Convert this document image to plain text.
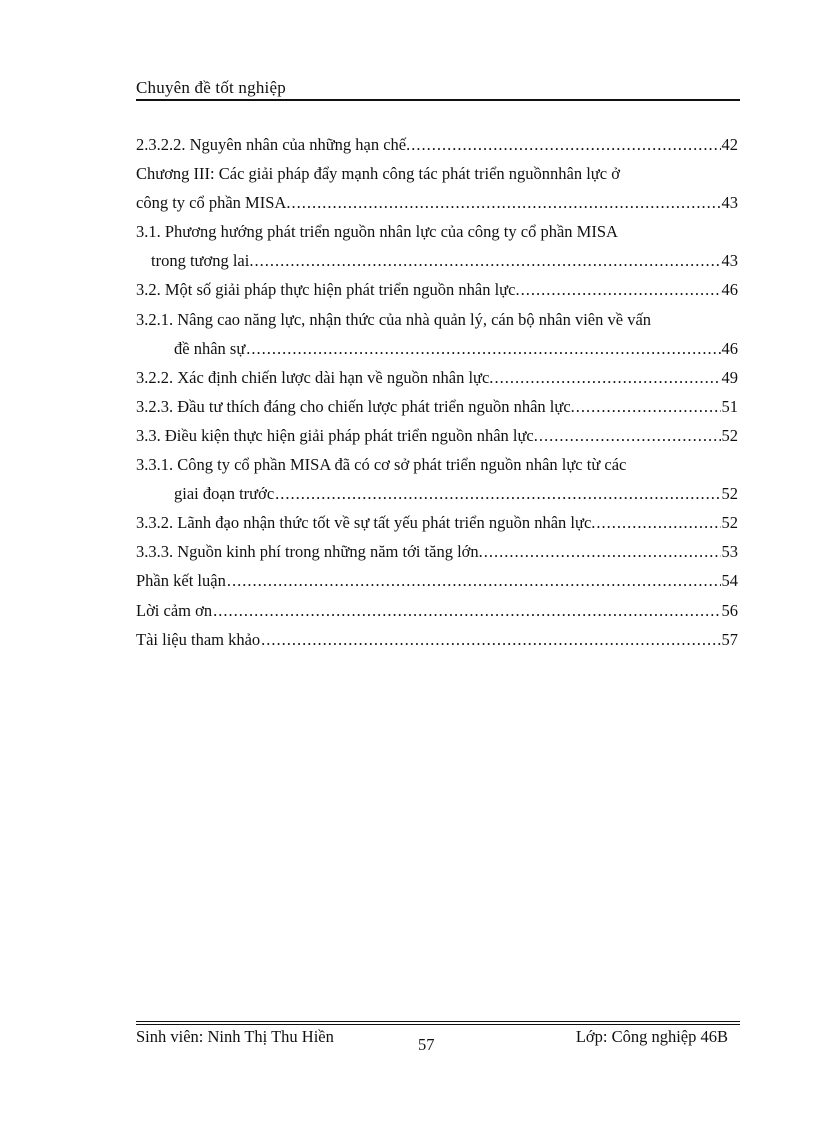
Chuyên đề tốt nghiệp
2.3.2.2. Nguyên nhân của những hạn chế. .....	42
Chương III: Các giải pháp đẩy mạnh công tác phát triển nguồnnhân lực ở
công ty cổ phần MISA. .....	43
3.1. Phương hướng phát triển nguồn nhân lực của công ty cổ phần MISA
trong tương lai. .....	43
3.2. Một số giải pháp thực hiện phát triển nguồn nhân lực. .....	46
3.2.1. Nâng cao năng lực, nhận thức của nhà quản lý, cán bộ nhân viên về vấn
đề nhân sự .....	46
3.2.2. Xác định chiến lược dài hạn về nguồn nhân lực. .....	49
3.2.3. Đầu tư thích đáng cho chiến lược phát triển nguồn nhân lực. .....	51
3.3. Điều kiện thực hiện giải pháp phát triển nguồn nhân lực. .....	52
3.3.1. Công ty cổ phần MISA đã có cơ sở phát triển nguồn nhân lực từ các
giai đoạn trước .....	52
3.3.2. Lãnh đạo nhận thức tốt về sự tất yếu phát triển nguồn nhân lực. .....	52
3.3.3. Nguồn kinh phí trong những năm tới tăng lớn. .....	53
Phần kết luận .....	54
Lời cảm ơn .....	56
Tài liệu tham khảo .....	57
Sinh viên: Ninh Thị Thu Hiền	57	Lớp: Công nghiệp 46B
